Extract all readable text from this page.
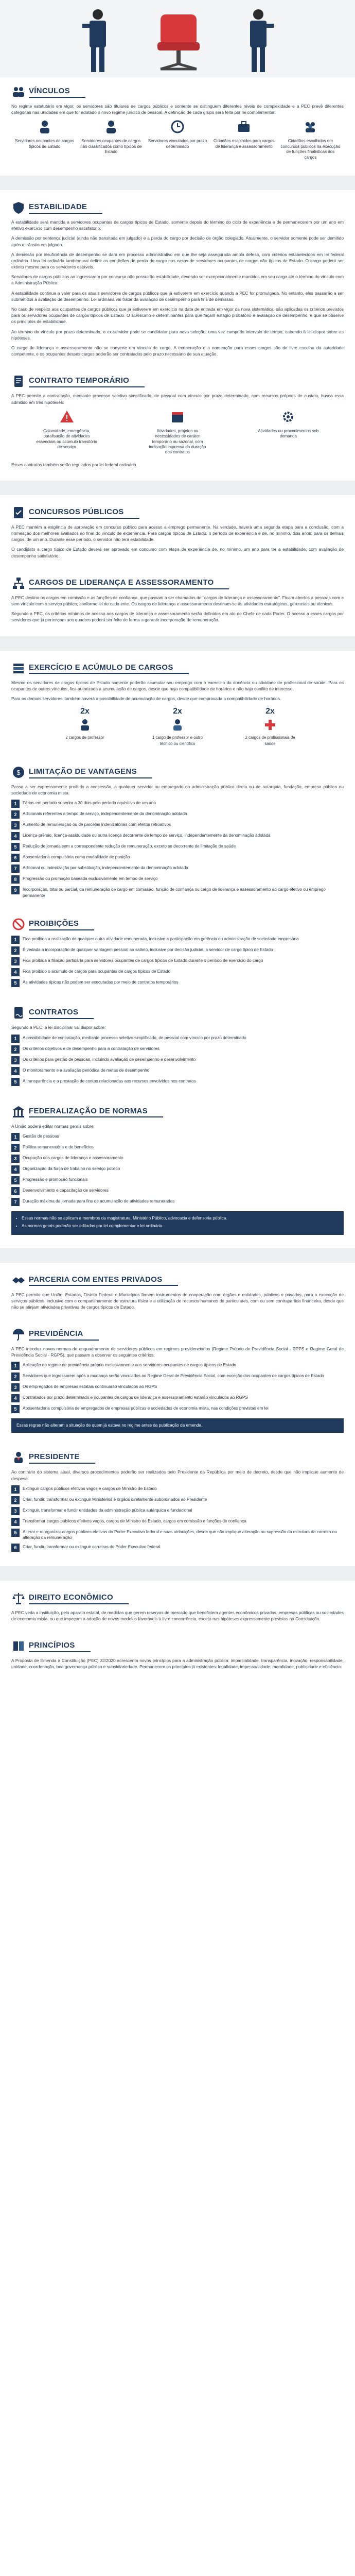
VÍNCULOS

No regime estatutário em vigor, os servidores são titulares de cargos públicos e somente se distinguem diferentes níveis de complexidade e a PEC prevê diferentes categorias nas unidades em que for adotado o novo regime jurídico de pessoal. A definição de cada grupo será feita por lei complementar:

Servidores ocupantes de cargos típicos de Estado
Servidores ocupantes de cargos não classificados como típicos de Estado
Servidores vinculados por prazo determinado
Cidadãos escolhidos para cargos de liderança e assessoramento
Cidadãos escolhidos em concursos públicos na execução de funções finalísticas dos cargos
ESTABILIDADE

A estabilidade será mantida a servidores ocupantes de cargos típicos de Estado, somente depois do término do ciclo de experiência e de permanecerem por um ano em efetivo exercício com desempenho satisfatório.

A demissão por sentença judicial (ainda não transitada em julgado) e a perda do cargo por decisão de órgão colegiado. Atualmente, o servidor somente pode ser demitido após o trânsito em julgado.

A demissão por insuficiência de desempenho se dará em processo administrativo em que lhe seja assegurada ampla defesa, com critérios estabelecidos em lei federal ordinária. Uma lei ordinária também vai definir as condições de perda do cargo nos casos de servidores ocupantes de cargos não típicos de Estado. O cargo poderá ser extinto mesmo para os servidores estáveis.

Servidores de cargos públicos ao ingressarem por concurso não possuirão estabilidade, devendo ser excepcionalmente mantidos em seu cargo até o término do vínculo com a Administração Pública.

A estabilidade continua a valer para os atuais servidores de cargos públicos que já estiverem em exercício quando a PEC for promulgada. No entanto, eles passarão a ser submetidos a avaliação de desempenho. Lei ordinária vai tratar da avaliação de desempenho para fins de demissão.

No caso de respeito aos ocupantes de cargos públicos que já estiverem em exercício na data de entrada em vigor da nova sistemática, são aplicadas os critérios previstos para os servidores ocupantes de cargos típicos de Estado. O acréscimo e determinantes para que façam estágio probatório e avaliação de desempenho, e que se observe os princípios de estabilidade.

Ao término do vínculo por prazo determinado, o ex-servidor pode se candidatar para nova seleção, uma vez cumprido intervalo de tempo, cabendo à lei dispor sobre as hipóteses.

O cargo de liderança e assessoramento não se converte em vínculo de cargo. A exoneração e a nomeação para esses cargos são de livre escolha da autoridade competente, e os ocupantes desses cargos poderão ser contratados pelo prazo necessário de sua atuação.

CONTRATO TEMPORÁRIO

A PEC permite a contratação, mediante processo seletivo simplificado, de pessoal com vínculo por prazo determinado, com recursos próprios de custeio, busca essa admitido em três hipóteses:

Calamidade, emergência, paralisação de atividades essenciais ou acúmulo transitório de serviço
Atividades, projetos ou necessidades de caráter temporário ou sazonal, com indicação expressa da duração dos contratos
Atividades ou procedimentos sob demanda

Esses contratos também serão regulados por lei federal ordinária.

CONCURSOS PÚBLICOS

A PEC mantém a exigência de aprovação em concurso público para acesso a emprego permanente. Na verdade, haverá uma segunda etapa para a conclusão, com a nomeação dos melhores avaliados ao final do vínculo de experiência. Para cargos típicos de Estado, o período de experiência é de, no mínimo, dois anos; para os demais cargos, de um ano. Durante esse período, o servidor não terá estabilidade.

O candidato a cargo típico de Estado deverá ser aprovado em concurso com etapa de experiência de, no mínimo, um ano para ter a estabilidade, com avaliação de desempenho satisfatório.

CARGOS DE LIDERANÇA E ASSESSORAMENTO

A PEC destina os cargos em comissão e as funções de confiança, que passam a ser chamados de "cargos de liderança e assessoramento". Ficam abertos a pessoas com e sem vínculo com o serviço público, conforme lei de cada ente. Os cargos de liderança e assessoramento destinam-se às atividades estratégicas, gerenciais ou técnicas.

Segundo a PEC, os critérios mínimos de acesso aos cargos de liderança e assessoramento serão definidos em ato do Chefe de cada Poder. O acesso a esses cargos por servidores que já pertençam aos quadros poderá ser feito de forma a garantir incorporação de remuneração.

EXERCÍCIO E ACÚMULO DE CARGOS

Mesmo os servidores de cargos típicos de Estado somente poderão acumular seu emprego com o exercício da docência ou atividade de profissional de saúde. Para os ocupantes de outros vínculos, fica autorizada a acumulação de cargos, desde que haja compatibilidade de horários e não haja conflito de interesse.

Para os demais servidores, também haverá a possibilidade de acumulação de cargos, desde que comprovada a compatibilidade de horários.

2x
2 cargos de professor
2x
1 cargo de professor e outro técnico ou científico
2x
2 cargos de profissionais de saúde
$ LIMITAÇÃO DE VANTAGENS

Passa a ser expressamente proibido a concessão, a qualquer servidor ou empregado da administração pública direta ou de autarquia, fundação, empresa pública ou sociedade de economia mista:

1	Férias em período superior a 30 dias pelo período aquisitivo de um ano
2	Adicionais referentes a tempo de serviço, independentemente da denominação adotada
3	Aumento de remuneração ou de parcelas indenizatórias com efeitos retroativos
4	Licença-prêmio, licença-assiduidade ou outra licença decorrente de tempo de serviço, independentemente da denominação adotada
5	Redução de jornada sem a correspondente redução de remuneração, exceto se decorrente de limitação de saúde
6	Aposentadoria compulsória como modalidade de punição
7	Adicional ou indenização por substituição, independentemente da denominação adotada
8	Progressão ou promoção baseada exclusivamente em tempo de serviço
9	Incorporação, total ou parcial, da remuneração de cargo em comissão, função de confiança ou cargo de liderança e assessoramento ao cargo efetivo ou emprego permanente
PROIBIÇÕES
1	Fica proibida a realização de qualquer outra atividade remunerada, inclusive a participação em gerência ou administração de sociedade empresária
2	É vedada a incorporação de qualquer vantagem pessoal ao salário, inclusive por decisão judicial, a servidor de cargo típico de Estado
3	Fica proibida a filiação partidária para servidores ocupantes de cargos típicos de Estado durante o período de exercício do cargo
4	Fica proibido o acúmulo de cargos para ocupantes de cargos típicos de Estado
5	As atividades típicas não podem ser executadas por meio de contratos temporários
CONTRATOS

Segundo a PEC, a lei disciplinar vai dispor sobre:

1	A possibilidade de contratação, mediante processo seletivo simplificado, de pessoal com vínculo por prazo determinado
2	Os critérios objetivos e de desempenho para a contratação de servidores
3	Os critérios para gestão de pessoas, incluindo avaliação de desempenho e desenvolvimento
4	O monitoramento e a avaliação periódica de metas de desempenho
5	A transparência e a prestação de contas relacionadas aos recursos envolvidos nos contratos
FEDERALIZAÇÃO DE NORMAS

A União poderá editar normas gerais sobre:

1	Gestão de pessoas
2	Política remuneratória e de benefícios
3	Ocupação dos cargos de liderança e assessoramento
4	Organização da força de trabalho no serviço público
5	Progressão e promoção funcionais
6	Desenvolvimento e capacitação de servidores
7	Duração máxima da jornada para fins de acumulação de atividades remuneradas
• Essas normas não se aplicam a membros da magistratura, Ministério Público, advocacia e defensoria pública.
• As normas gerais poderão ser editadas por lei complementar e lei ordinária.
PARCERIA COM ENTES PRIVADOS

A PEC permite que União, Estados, Distrito Federal e Municípios firmem instrumentos de cooperação com órgãos e entidades, públicos e privados, para a execução de serviços públicos, inclusive com o compartilhamento de estrutura física e a utilização de recursos humanos de particulares, com ou sem contrapartida financeira, desde que não se atinjam atividades privativas de cargos típicos de Estado.

PREVIDÊNCIA

A PEC introduz novas normas de enquadramento de servidores públicos em regimes previdenciários (Regime Próprio de Previdência Social - RPPS e Regime Geral de Previdência Social - RGPS), que passam a observar os seguintes critérios:

1	Aplicação do regime de previdência próprio exclusivamente aos servidores ocupantes de cargos típicos de Estado
2	Servidores que ingressarem após a mudança serão vinculados ao Regime Geral de Previdência Social, com exceção dos ocupantes de cargos típicos de Estado
3	Os empregados de empresas estatais continuarão vinculados ao RGPS
4	Contratados por prazo determinado e ocupantes de cargos de liderança e assessoramento estarão vinculados ao RGPS
5	Aposentadoria compulsória de empregados de empresas públicas e sociedades de economia mista, nas condições previstas em lei
Essas regras não alteram a situação de quem já estava no regime antes da publicação da emenda.
PRESIDENTE

Ao contrário do sistema atual, diversos procedimentos poderão ser realizados pelo Presidente da República por meio de decreto, desde que não implique aumento de despesa:

1	Extinguir cargos públicos efetivos vagos e cargos de Ministro de Estado
2	Criar, fundir, transformar ou extinguir Ministérios e órgãos diretamente subordinados ao Presidente
3	Extinguir, transformar e fundir entidades da administração pública autárquica e fundacional
4	Transformar cargos públicos efetivos vagos, cargos de Ministro de Estado, cargos em comissão e funções de confiança
5	Alterar e reorganizar cargos públicos efetivos do Poder Executivo federal e suas atribuições, desde que não implique alteração ou supressão da estrutura da carreira ou alteração da remuneração
6	Criar, fundir, transformar ou extinguir carreiras do Poder Executivo federal
DIREITO ECONÔMICO

A PEC veda a instituição, pelo aparato estatal, de medidas que gerem reservas de mercado que beneficiem agentes econômicos privados, empresas públicas ou sociedades de economia mista, ou que impeçam a adoção de novos modelos favoráveis à livre concorrência, exceto nas hipóteses expressamente previstas na Constituição.

PRINCÍPIOS

A Proposta de Emenda à Constituição (PEC) 32/2020 acrescenta novos princípios para a administração pública: imparcialidade, transparência, inovação, responsabilidade, unidade, coordenação, boa governança pública e subsidiariedade. Permanecem os princípios já existentes: legalidade, impessoalidade, moralidade, publicidade e eficiência.
